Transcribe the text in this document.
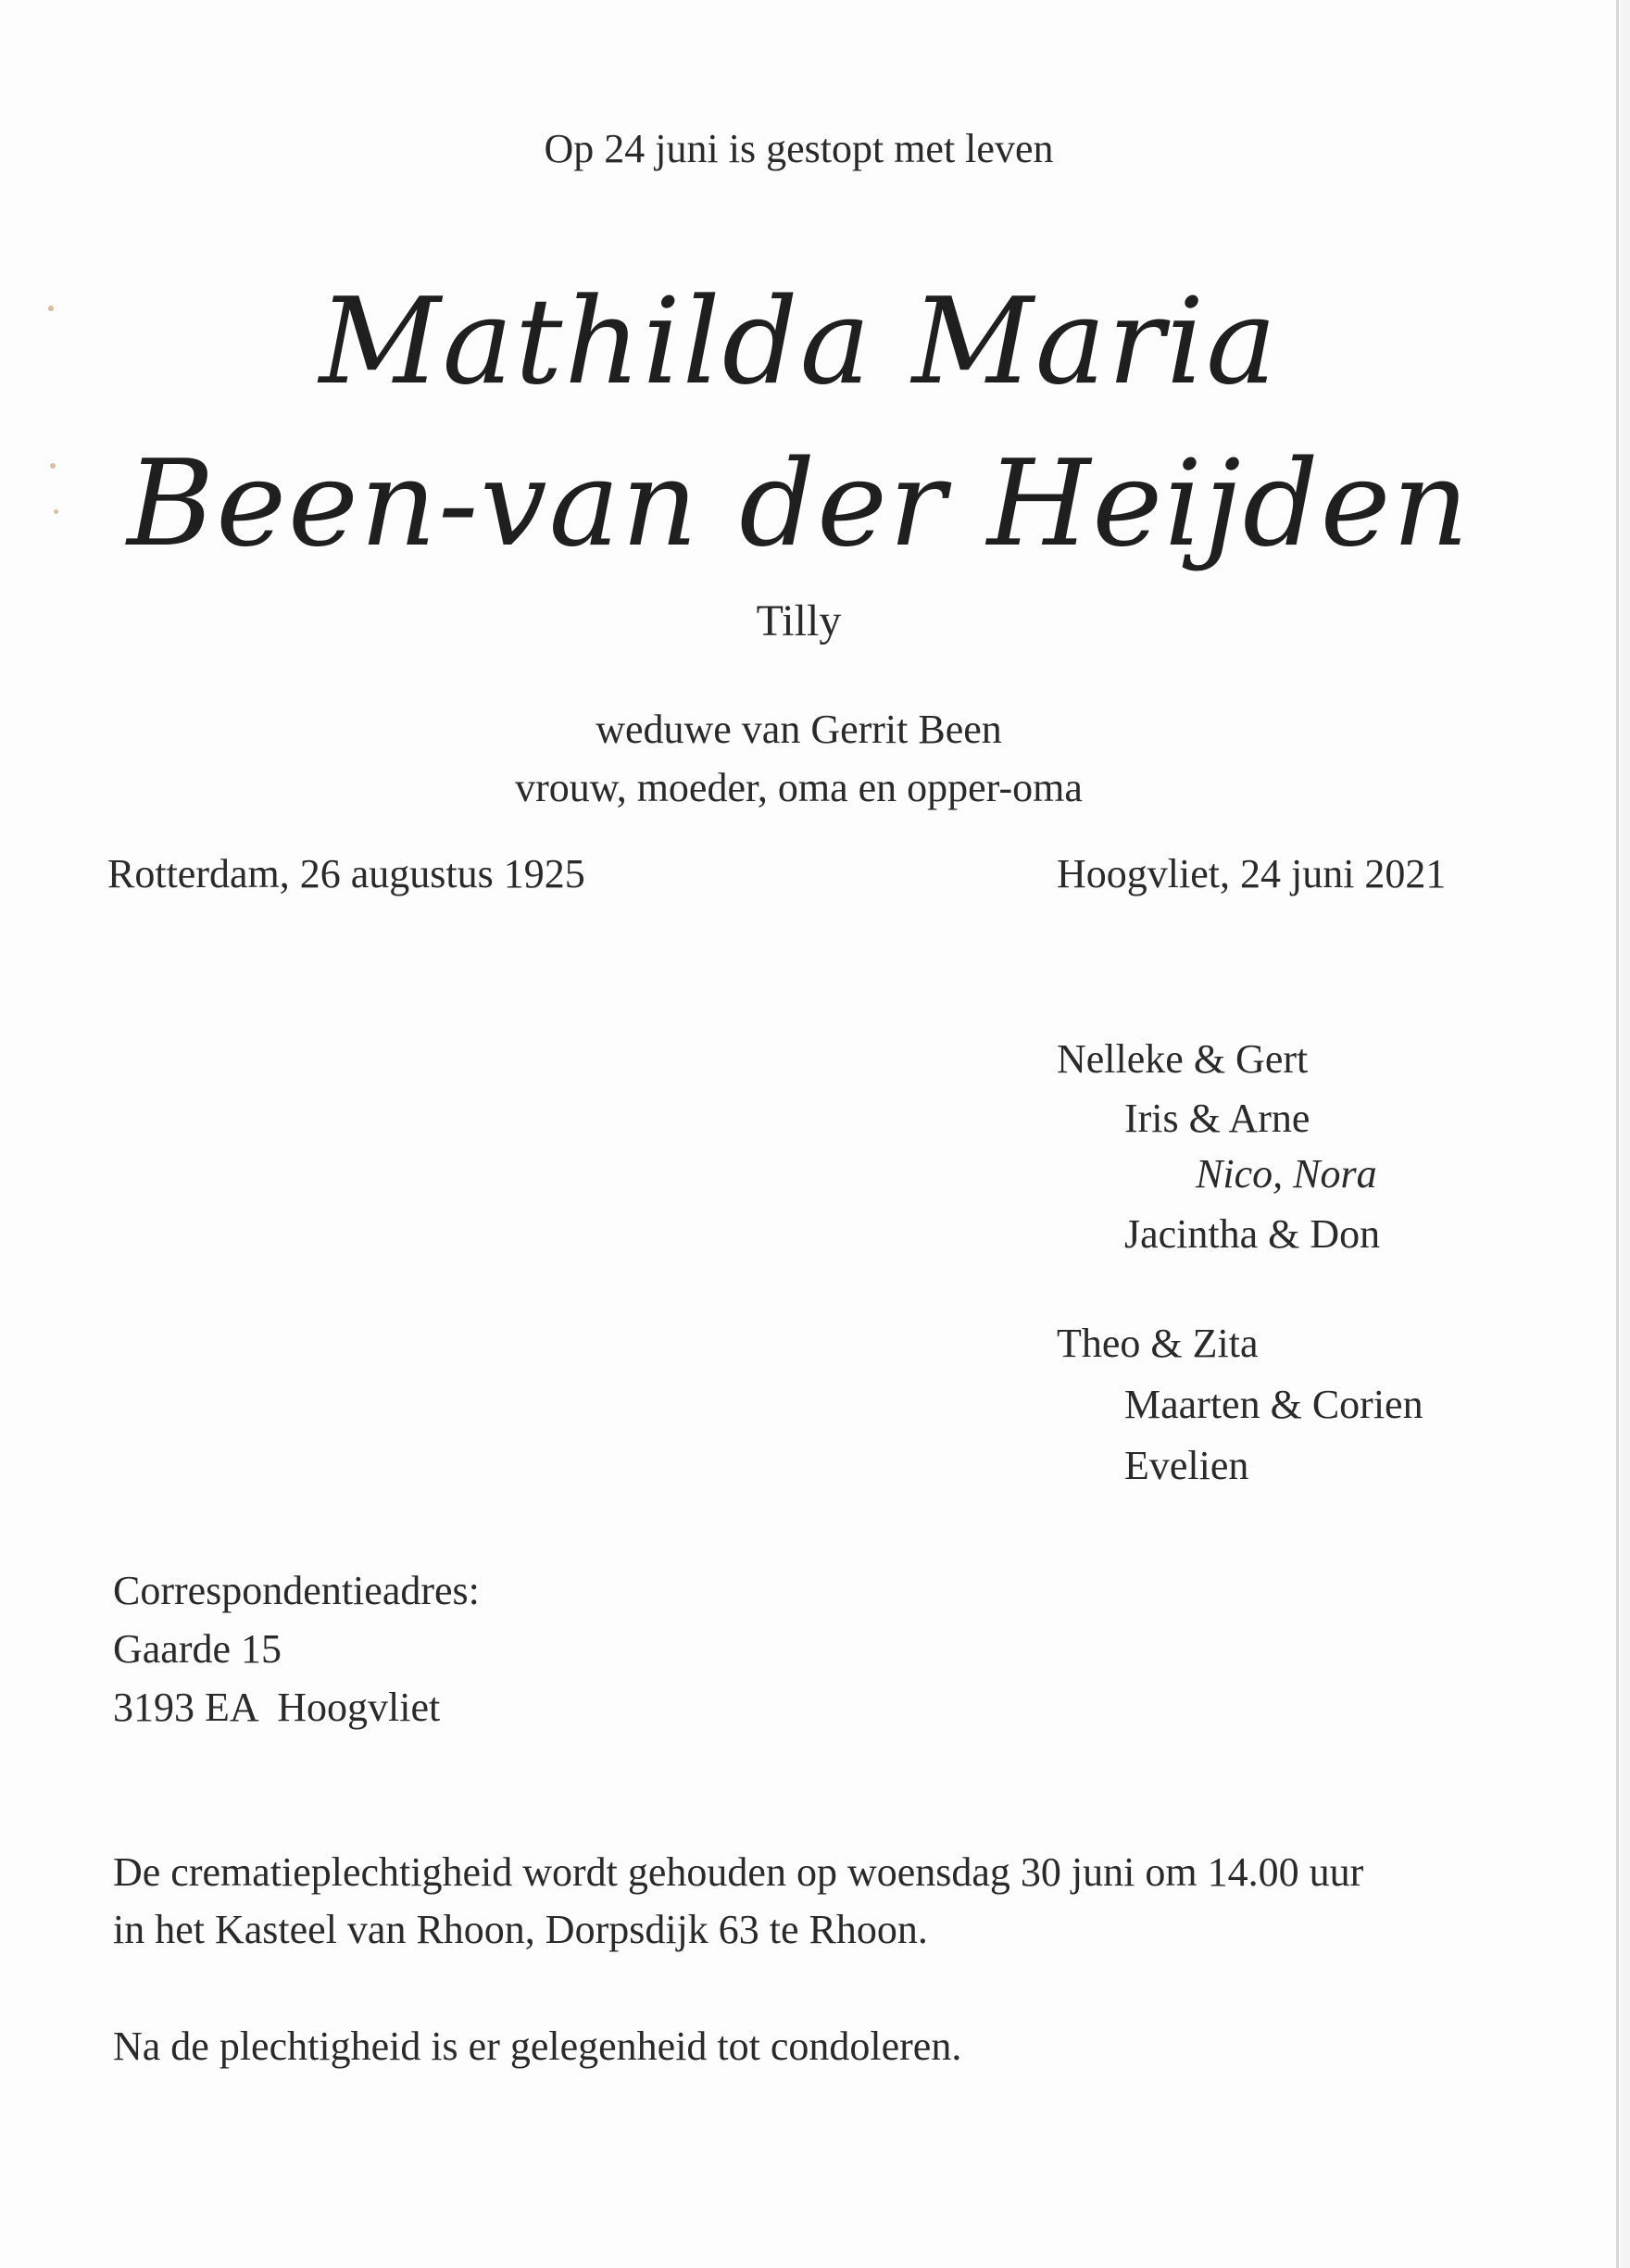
Op 24 juni is gestopt met leven
Mathilda Maria
Been-van der Heijden
Tilly
weduwe van Gerrit Been
vrouw, moeder, oma en opper-oma
Rotterdam, 26 augustus 1925	Hoogvliet, 24 juni 2021
Nelleke & Gert
Iris & Arne
Nico, Nora
Jacintha & Don
Theo & Zita
Maarten & Corien
Evelien
Correspondentieadres:
Gaarde 15
3193 EA  Hoogvliet
De crematieplechtigheid wordt gehouden op woensdag 30 juni om 14.00 uur
in het Kasteel van Rhoon, Dorpsdijk 63 te Rhoon.
Na de plechtigheid is er gelegenheid tot condoleren.
